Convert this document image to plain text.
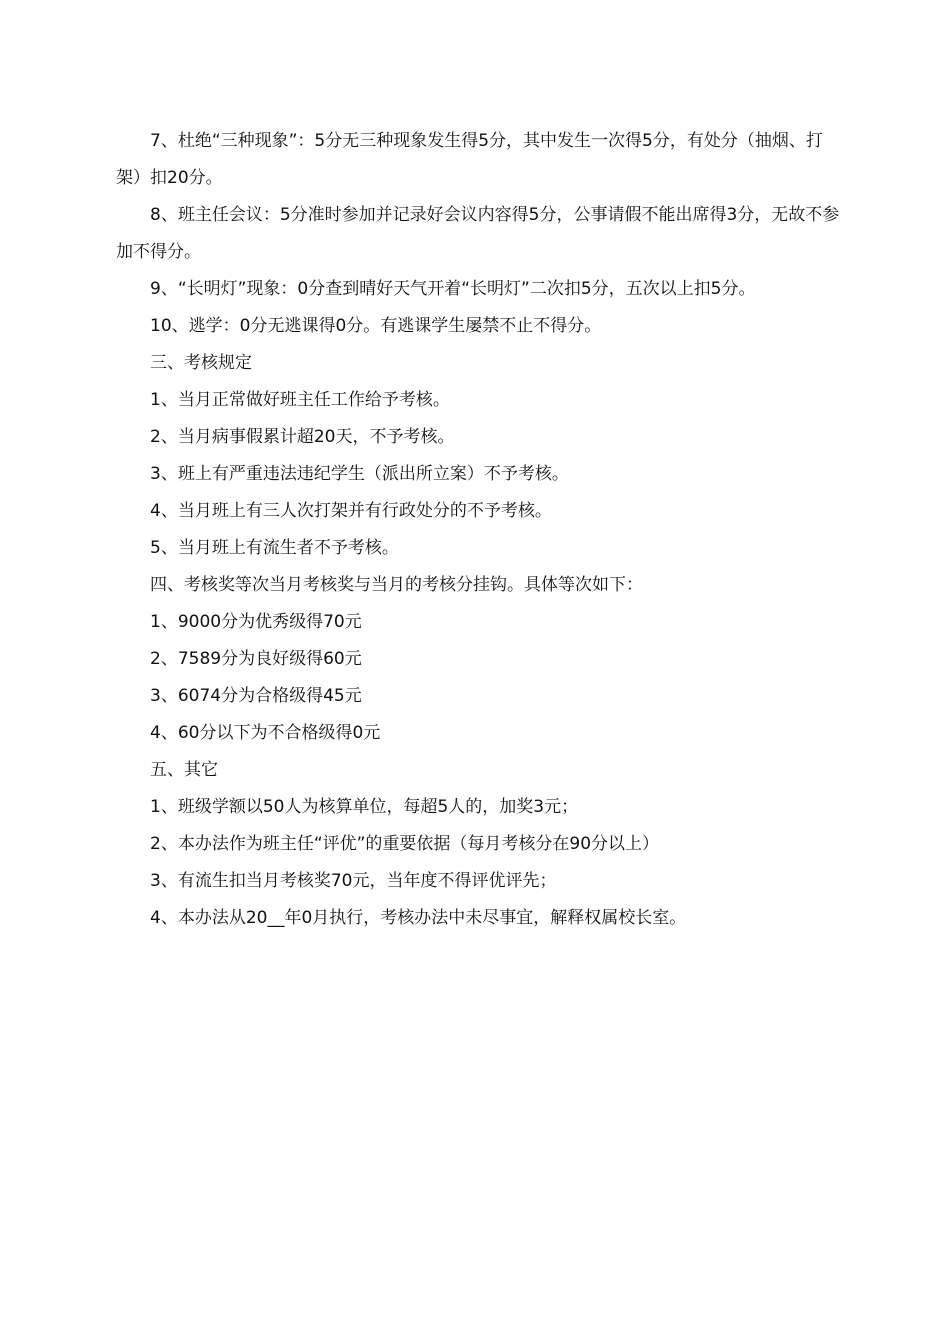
7、杜绝“三种现象”：5分无三种现象发生得5分，其中发生一次得5分，有处分（抽烟、打架）扣20分。

8、班主任会议：5分准时参加并记录好会议内容得5分，公事请假不能出席得3分，无故不参加不得分。

9、“长明灯”现象：0分查到晴好天气开着“长明灯”二次扣5分，五次以上扣5分。

10、逃学：0分无逃课得0分。有逃课学生屡禁不止不得分。

三、考核规定

1、当月正常做好班主任工作给予考核。

2、当月病事假累计超20天，不予考核。

3、班上有严重违法违纪学生（派出所立案）不予考核。

4、当月班上有三人次打架并有行政处分的不予考核。

5、当月班上有流生者不予考核。

四、考核奖等次当月考核奖与当月的考核分挂钩。具体等次如下：

1、9000分为优秀级得70元

2、7589分为良好级得60元

3、6074分为合格级得45元

4、60分以下为不合格级得0元

五、其它

1、班级学额以50人为核算单位，每超5人的，加奖3元；

2、本办法作为班主任“评优”的重要依据（每月考核分在90分以上）

3、有流生扣当月考核奖70元，当年度不得评优评先；

4、本办法从20__年0月执行，考核办法中未尽事宜，解释权属校长室。
